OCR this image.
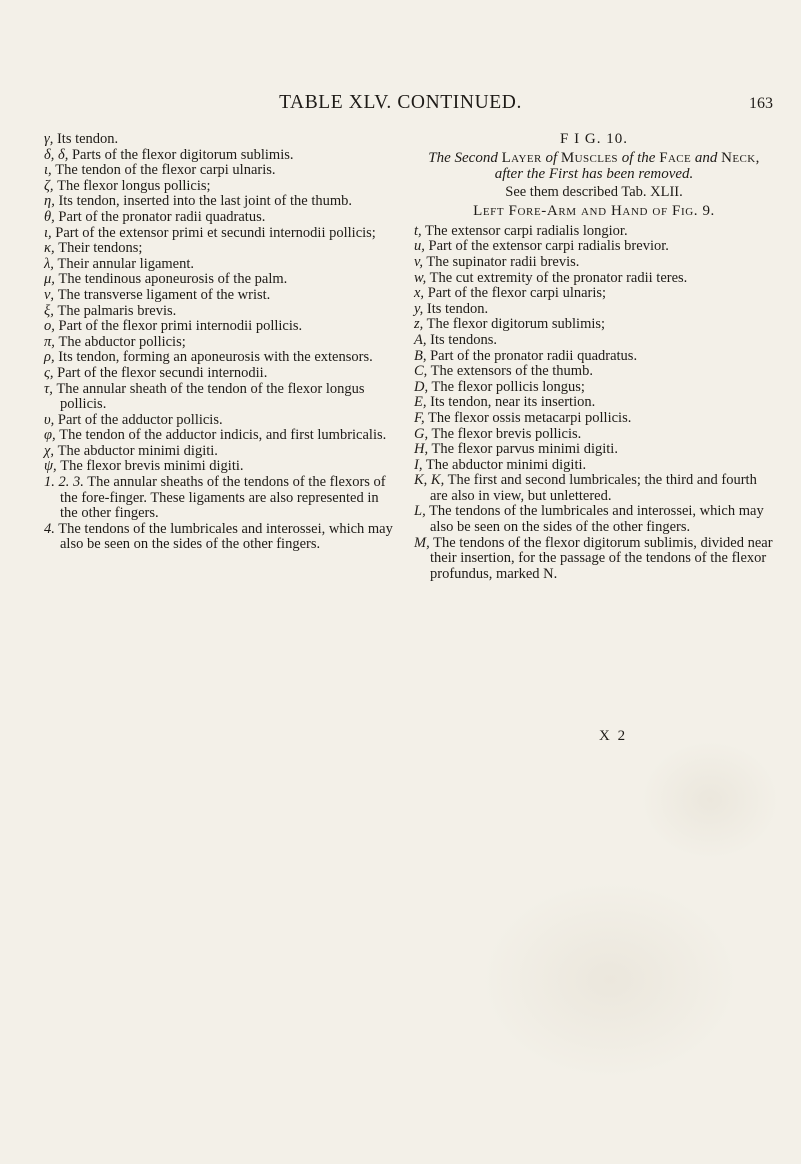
TABLE XLV. CONTINUED.	163

γ, Its tendon.

δ, δ, Parts of the flexor digitorum sublimis.

ι, The tendon of the flexor carpi ulnaris.

ζ, The flexor longus pollicis;

η, Its tendon, inserted into the last joint of the thumb.

θ, Part of the pronator radii quadratus.

ι, Part of the extensor primi et secundi internodii pollicis;

κ, Their tendons;

λ, Their annular ligament.

μ, The tendinous aponeurosis of the palm.

ν, The transverse ligament of the wrist.

ξ, The palmaris brevis.

ο, Part of the flexor primi internodii pollicis.

π, The abductor pollicis;

ρ, Its tendon, forming an aponeurosis with the extensors.

ς, Part of the flexor secundi internodii.

τ, The annular sheath of the tendon of the flexor longus pollicis.

υ, Part of the adductor pollicis.

φ, The tendon of the adductor indicis, and first lumbricalis.

χ, The abductor minimi digiti.

ψ, The flexor brevis minimi digiti.

1. 2. 3. The annular sheaths of the tendons of the flexors of the fore-finger. These ligaments are also represented in the other fingers.

4. The tendons of the lumbricales and interossei, which may also be seen on the sides of the other fingers.

F I G. 10.
The Second Layer of Muscles of the Face and Neck, after the First has been removed.
See them described Tab. XLII.
Left Fore-Arm and Hand of Fig. 9.

t, The extensor carpi radialis longior.

u, Part of the extensor carpi radialis brevior.

v, The supinator radii brevis.

w, The cut extremity of the pronator radii teres.

x, Part of the flexor carpi ulnaris;

y, Its tendon.

z, The flexor digitorum sublimis;

A, Its tendons.

B, Part of the pronator radii quadratus.

C, The extensors of the thumb.

D, The flexor pollicis longus;

E, Its tendon, near its insertion.

F, The flexor ossis metacarpi pollicis.

G, The flexor brevis pollicis.

H, The flexor parvus minimi digiti.

I, The abductor minimi digiti.

K, K, The first and second lumbricales; the third and fourth are also in view, but unlettered.

L, The tendons of the lumbricales and interossei, which may also be seen on the sides of the other fingers.

M, The tendons of the flexor digitorum sublimis, divided near their insertion, for the passage of the tendons of the flexor profundus, marked N.

X 2
